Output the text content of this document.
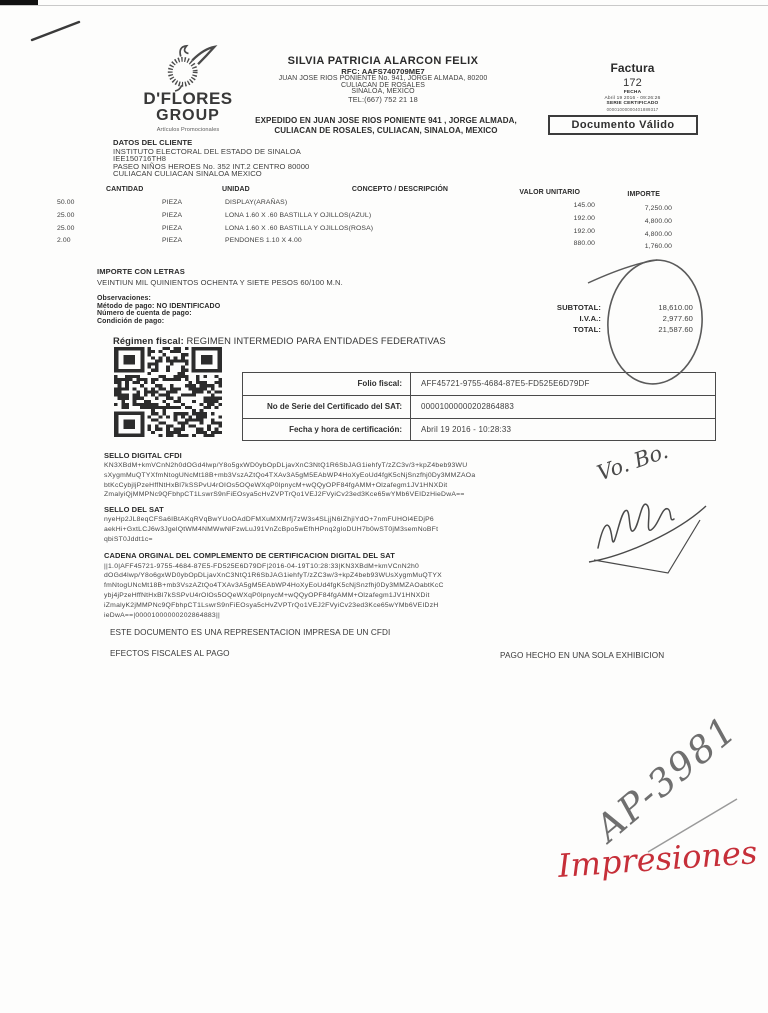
D'FLORES
GROUP
Artículos Promocionales
SILVIA PATRICIA ALARCON FELIX
RFC: AAFS740709ME7
JUAN JOSE RIOS PONIENTE No. 941, JORGE ALMADA, 80200
CULIACAN DE ROSALES
SINALOA, MEXICO
TEL:(667) 752 21 18
EXPEDIDO EN JUAN JOSE RIOS PONIENTE 941 , JORGE ALMADA,
CULIACAN DE ROSALES, CULIACAN, SINALOA, MEXICO
Factura
172
FECHA
Abril 19 2016 - 09:26:26
SERIE CERTIFICADO
00001000000401889317
Documento Válido
DATOS DEL CLIENTE
INSTITUTO ELECTORAL DEL ESTADO DE SINALOA
IEE150716TH8
PASEO NIÑOS HEROES No. 352 INT.2 CENTRO 80000
CULIACAN CULIACAN SINALOA MEXICO
CANTIDAD	UNIDAD	CONCEPTO / DESCRIPCIÓN	VALOR UNITARIO	IMPORTE
50.00	PIEZA	DISPLAY(ARAÑAS)	145.00	7,250.00
25.00	PIEZA	LONA 1.60 X .60 BASTILLA Y OJILLOS(AZUL)	192.00	4,800.00
25.00	PIEZA	LONA 1.60 X .60 BASTILLA Y OJILLOS(ROSA)	192.00	4,800.00
2.00	PIEZA	PENDONES 1.10 X 4.00	880.00	1,760.00
IMPORTE CON LETRAS
VEINTIUN MIL QUINIENTOS OCHENTA Y SIETE PESOS 60/100 M.N.
Observaciones:
Método de pago: NO IDENTIFICADO
Número de cuenta de pago:
Condición de pago:
SUBTOTAL:	18,610.00
I.V.A.:	2,977.60
TOTAL:	21,587.60
Régimen fiscal: REGIMEN INTERMEDIO PARA ENTIDADES FEDERATIVAS
Folio fiscal:	AFF45721-9755-4684-87E5-FD525E6D79DF
No de Serie del Certificado del SAT:	00001000000202864883
Fecha y hora de certificación:	Abril 19 2016 - 10:28:33
SELLO DIGITAL CFDI
KN3XBdM+kmVCnN2h0dOGd4lwp/Y8o5gxWD0ybOpDLjavXnC3NtQ1R6SbJAG1iehfyT/zZC3v/3+kpZ4beb93WU
sXygmMuQTYXfmNtogUNcMt18B+mb3VszAZtQo4TXAv3A5gM5EAbWP4HoXyEoUd4fgK5cNjSnzfhj0Dy3MMZAOa
btKcCybjljPzeHffNtHxBl7kSSPvU4rOIOs5OQeWXqP0lpnycM+wQQyOPF84fgAMM+Olzafegm1JV1HNXDit
ZmalyiQjMMPNc9QFbhpCT1LswrS9nFiEOsya5cHvZVPTrQo1VEJ2FVyiCv23ed3Kce65wYMb6VEIDzHieDwA==
SELLO DEL SAT
nyeHp2JL8eqCFSa6IBtAKqRVqBwYUoOAdDFMXuMXMrfj7zW3s4SLjjN6IZhjiYdO+7nmFUHOl4EDjP6
aekHi+GxtLCJ6w3JgelQtWM4NMWwNlFzwLuJ91VnZcBpo5wEfhHPnq2gloDUH7b0wST0jM3semNoBFt
qbiST0Jddt1c=
CADENA ORGINAL DEL COMPLEMENTO DE CERTIFICACION DIGITAL DEL SAT
||1.0|AFF45721-9755-4684-87E5-FD525E6D79DF|2016-04-19T10:28:33|KN3XBdM+kmVCnN2h0
dOGd4lwp/Y8o6gxWD0ybOpDLjavXnC3NtQ1R6SbJAG1iehfyT/zZC3w/3+kpZ4beb93WUsXygmMuQTYX
fmNtogUNcMt18B+mb3VszAZtQo4TXAv3A5gM5EAbWP4HoXyEoUd4fgK5cNjSnzfhj0Dy3MMZAOabtKcC
ybj4jPzeHffNtHxBl7kSSPvU4rOlOs5OQeWXqP0lpnycM+wQQyOPF84fgAMM+Olzafegm1JV1HNXDit
iZmalyK2jMMPNc9QFbhpCT1LswrS9nFiEOsya5cHvZVPTrQo1VEJ2FVyiCv23ed3Kce65wYMb6VEIDzH
ieDwA==|00001000000202864883||
ESTE DOCUMENTO ES UNA REPRESENTACION IMPRESA DE UN CFDI
EFECTOS FISCALES AL PAGO	PAGO HECHO EN UNA SOLA EXHIBICION
Vo. Bo.
AP-3981
Impresiones
